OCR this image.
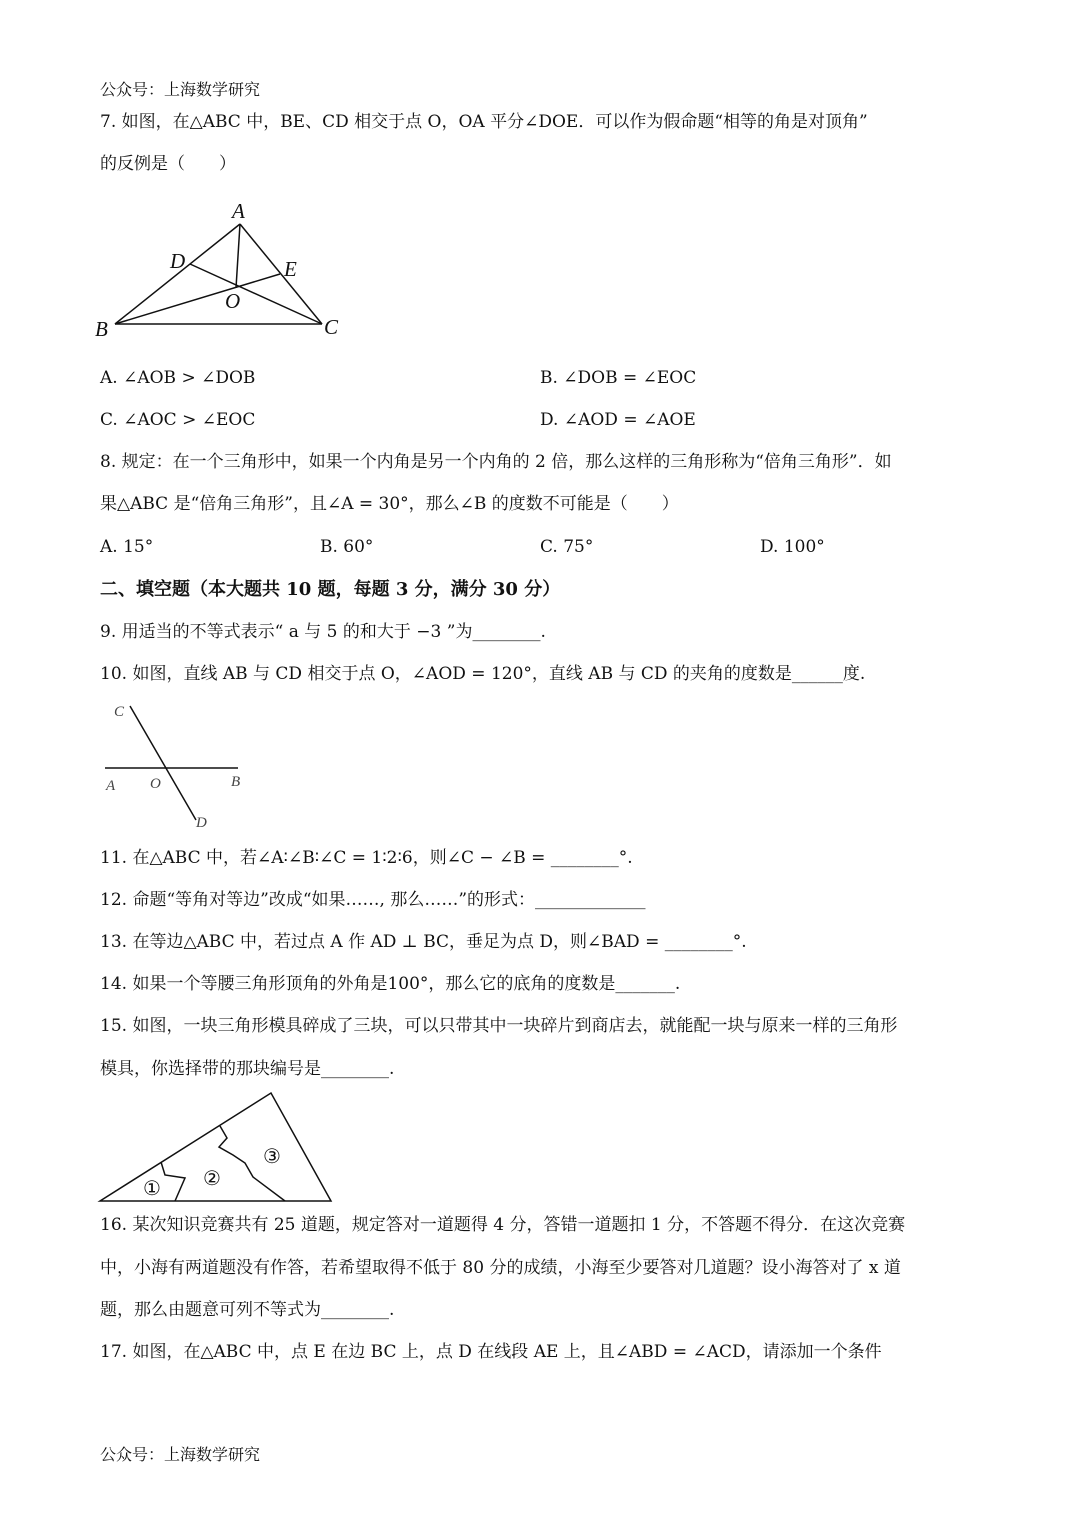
公众号：上海数学研究
7. 如图，在△ABC 中，BE、CD 相交于点 O，OA 平分∠DOE．可以作为假命题“相等的角是对顶角”
的反例是（　　）
A
B	C
D	E
O
A. ∠AOB > ∠DOB	B. ∠DOB = ∠EOC
C. ∠AOC > ∠EOC	D. ∠AOD = ∠AOE
8. 规定：在一个三角形中，如果一个内角是另一个内角的 2 倍，那么这样的三角形称为“倍角三角形”．如
果△ABC 是“倍角三角形”，且∠A = 30°，那么∠B 的度数不可能是（　　）
A. 15°	B. 60°	C. 75°	D. 100°
二、填空题（本大题共 10 题，每题 3 分，满分 30 分）
9. 用适当的不等式表示“ a 与 5 的和大于 −3 ”为________.
10. 如图，直线 AB 与 CD 相交于点 O，∠AOD = 120°，直线 AB 与 CD 的夹角的度数是______度.
C
A O	B
D
11. 在△ABC 中，若∠A∶∠B∶∠C = 1∶2∶6，则∠C − ∠B = ________°.
12. 命题“等角对等边”改成“如果……, 那么……”的形式：_____________
13. 在等边△ABC 中，若过点 A 作 AD ⊥ BC，垂足为点 D，则∠BAD = ________°.
14. 如果一个等腰三角形顶角的外角是100°，那么它的底角的度数是_______.
15. 如图，一块三角形模具碎成了三块，可以只带其中一块碎片到商店去，就能配一块与原来一样的三角形
模具，你选择带的那块编号是________.
① ②
③
16. 某次知识竞赛共有 25 道题，规定答对一道题得 4 分，答错一道题扣 1 分，不答题不得分．在这次竞赛
中，小海有两道题没有作答，若希望取得不低于 80 分的成绩，小海至少要答对几道题？设小海答对了 x 道
题，那么由题意可列不等式为________.
17. 如图，在△ABC 中，点 E 在边 BC 上，点 D 在线段 AE 上，且∠ABD = ∠ACD，请添加一个条件
公众号：上海数学研究
